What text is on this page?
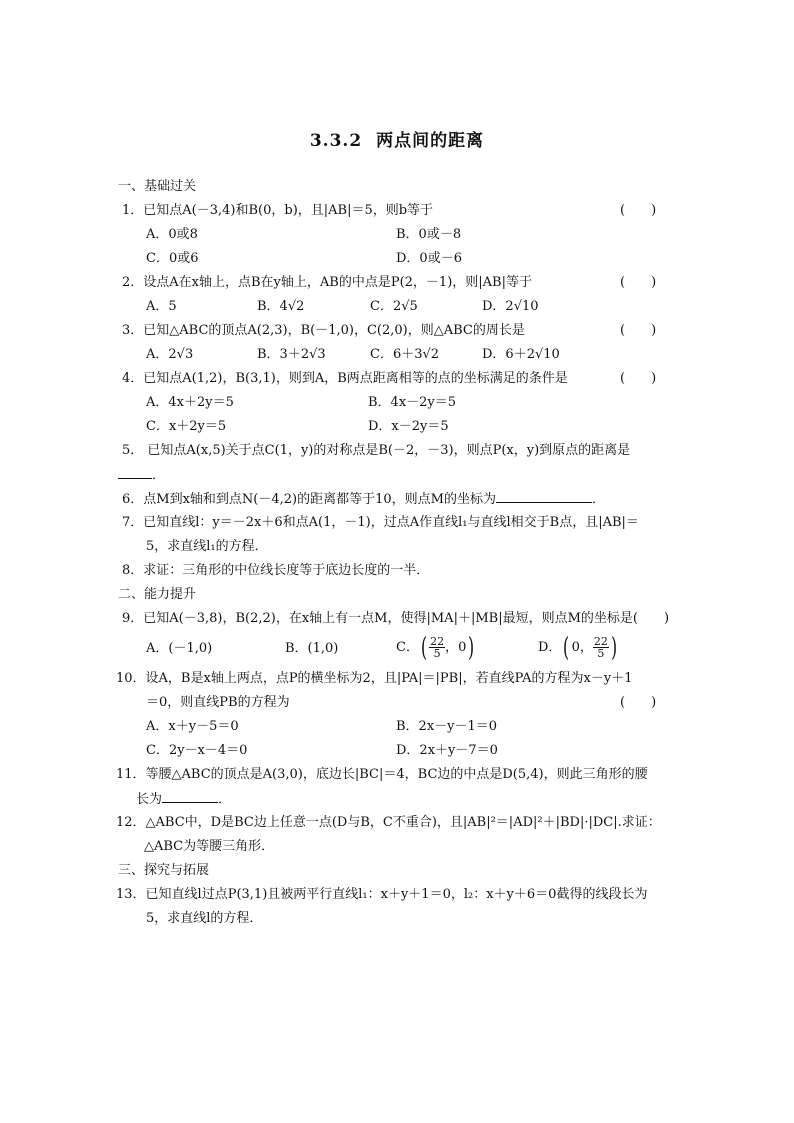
3.3.2 两点间的距离
一、基础过关
1．已知点A(－3,4)和B(0，b)，且|AB|＝5，则b等于	(　　)
A．0或8	B．0或－8
C．0或6	D．0或－6
2．设点A在x轴上，点B在y轴上，AB的中点是P(2，－1)，则|AB|等于	(　　)
A．5	B．4√2	C．2√5	D．2√10
3．已知△ABC的顶点A(2,3)，B(－1,0)，C(2,0)，则△ABC的周长是	(　　)
A．2√3	B．3＋2√3	C．6＋3√2	D．6＋2√10
4．已知点A(1,2)，B(3,1)，则到A，B两点距离相等的点的坐标满足的条件是	(　　)
A．4x＋2y＝5	B．4x－2y＝5
C．x＋2y＝5	D．x－2y＝5
5． 已知点A(x,5)关于点C(1，y)的对称点是B(－2，－3)，则点P(x，y)到原点的距离是
．
6．点M到x轴和到点N(－4,2)的距离都等于10，则点M的坐标为	．
7．已知直线l：y＝－2x＋6和点A(1，－1)，过点A作直线l₁与直线l相交于B点，且|AB|＝
5，求直线l₁的方程．
8．求证：三角形的中位线长度等于底边长度的一半．
二、能力提升
9．已知A(－3,8)，B(2,2)，在x轴上有一点M，使得|MA|＋|MB|最短，则点M的坐标是(　　)
A．(－1,0)	B．(1,0)	C．( $\frac{22}{5}$ ，0)	D．( 0， $\frac{22}{5}$ )
10．设A，B是x轴上两点，点P的横坐标为2，且|PA|＝|PB|，若直线PA的方程为x－y＋1
＝0，则直线PB的方程为	(　　)
A．x＋y－5＝0	B．2x－y－1＝0
C．2y－x－4＝0	D．2x＋y－7＝0
11．等腰△ABC的顶点是A(3,0)，底边长|BC|＝4，BC边的中点是D(5,4)，则此三角形的腰
长为	．
12．△ABC中，D是BC边上任意一点(D与B，C不重合)，且|AB|²＝|AD|²＋|BD|·|DC|.求证：
△ABC为等腰三角形．
三、探究与拓展
13．已知直线l过点P(3,1)且被两平行直线l₁：x＋y＋1＝0，l₂：x＋y＋6＝0截得的线段长为
5，求直线l的方程．
